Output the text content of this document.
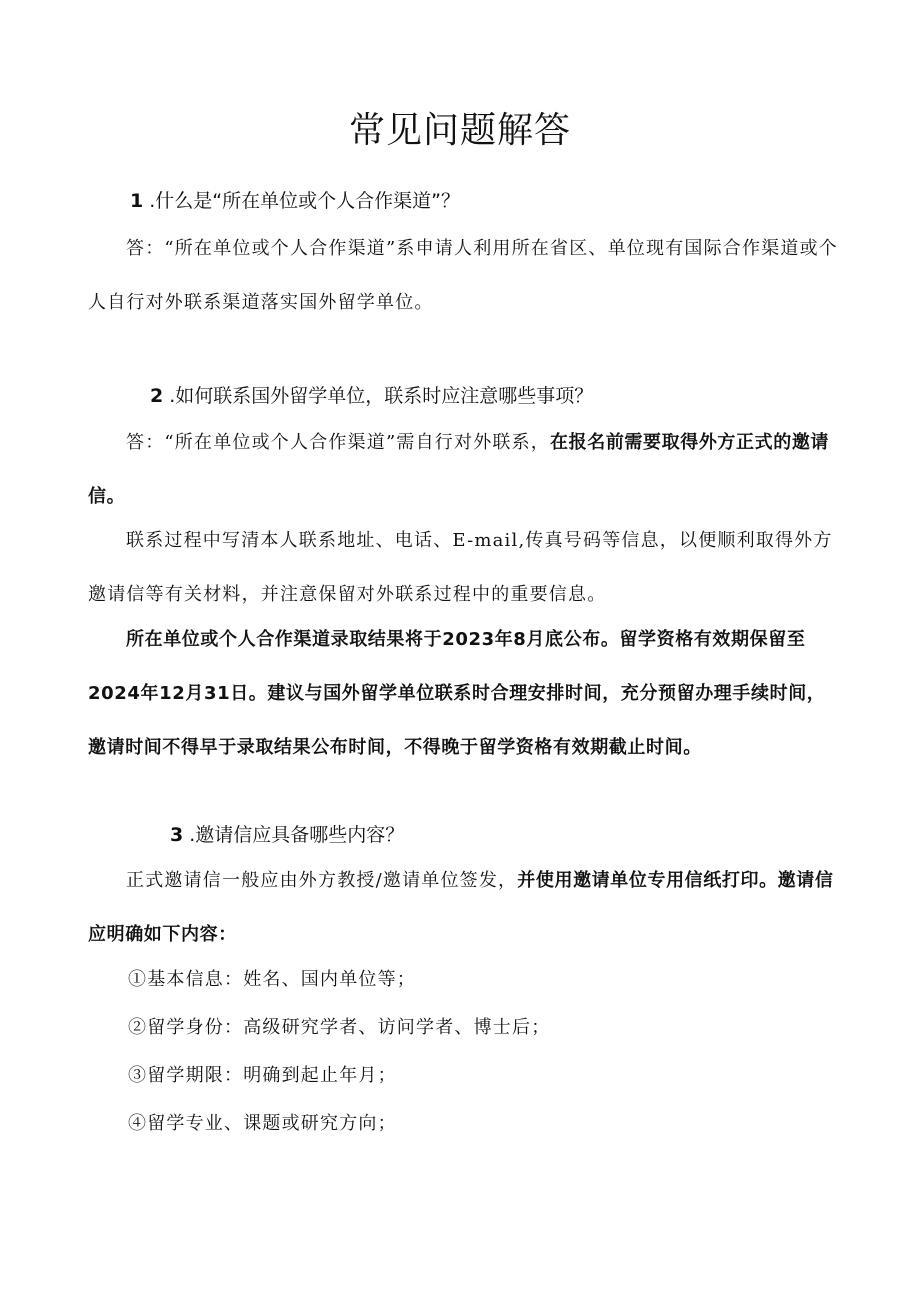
常见问题解答
1 .什么是“所在单位或个人合作渠道”？
答：“所在单位或个人合作渠道”系申请人利用所在省区、单位现有国际合作渠道或个人自行对外联系渠道落实国外留学单位。
2 .如何联系国外留学单位，联系时应注意哪些事项？
答：“所在单位或个人合作渠道”需自行对外联系，在报名前需要取得外方正式的邀请信。
联系过程中写清本人联系地址、电话、E-mail,传真号码等信息，以便顺利取得外方邀请信等有关材料，并注意保留对外联系过程中的重要信息。
所在单位或个人合作渠道录取结果将于2023年8月底公布。留学资格有效期保留至2024年12月31日。建议与国外留学单位联系时合理安排时间，充分预留办理手续时间，邀请时间不得早于录取结果公布时间，不得晚于留学资格有效期截止时间。
3 .邀请信应具备哪些内容？
正式邀请信一般应由外方教授/邀请单位签发，并使用邀请单位专用信纸打印。邀请信应明确如下内容：
①基本信息：姓名、国内单位等；
②留学身份：高级研究学者、访问学者、博士后；
③留学期限：明确到起止年月；
④留学专业、课题或研究方向；
